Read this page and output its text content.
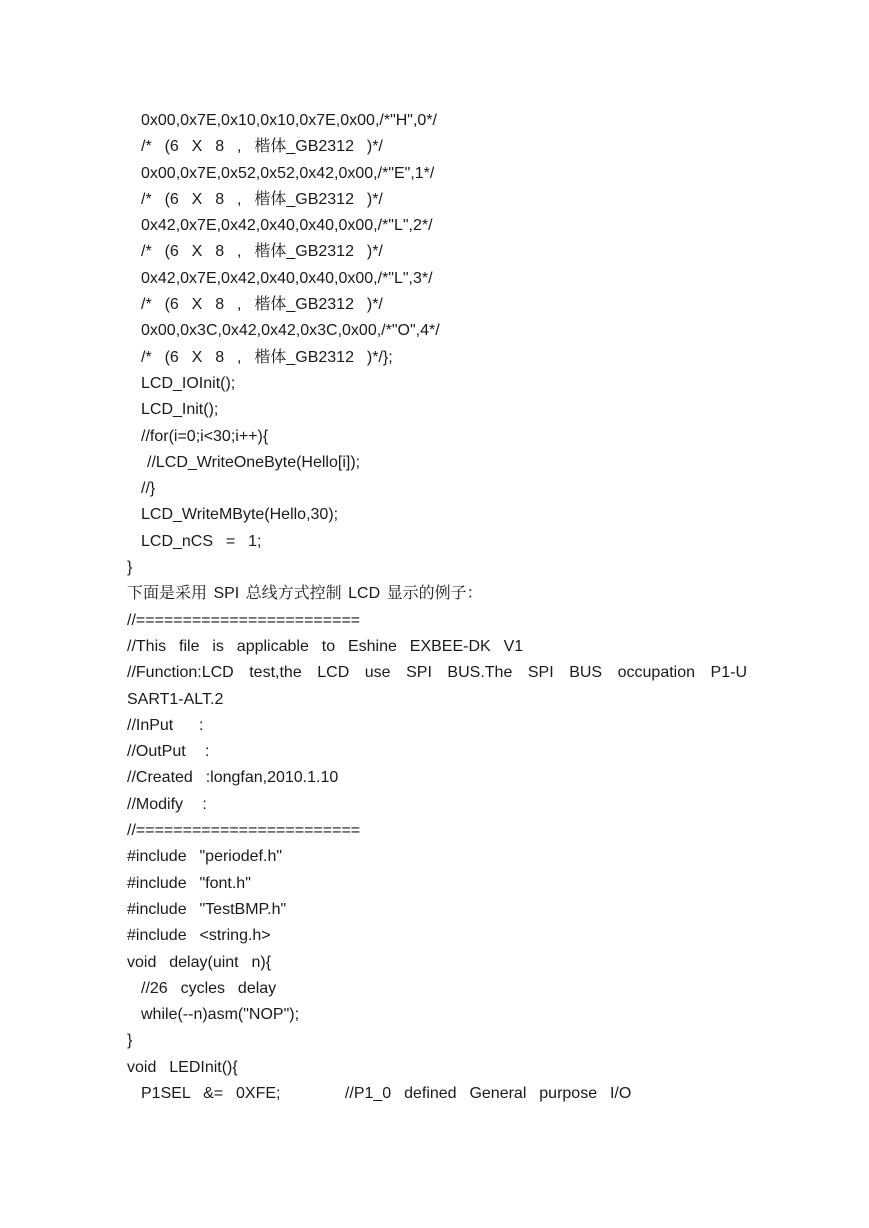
0x00,0x7E,0x10,0x10,0x7E,0x00,/*"H",0*/
/*  (6  X  8  ,  楷体_GB2312  )*/
0x00,0x7E,0x52,0x52,0x42,0x00,/*"E",1*/
/*  (6  X  8  ,  楷体_GB2312  )*/
0x42,0x7E,0x42,0x40,0x40,0x00,/*"L",2*/
/*  (6  X  8  ,  楷体_GB2312  )*/
0x42,0x7E,0x42,0x40,0x40,0x00,/*"L",3*/
/*  (6  X  8  ,  楷体_GB2312  )*/
0x00,0x3C,0x42,0x42,0x3C,0x00,/*"O",4*/
/*  (6  X  8  ,  楷体_GB2312  )*/};
LCD_IOInit();
LCD_Init();
//for(i=0;i<30;i++){
//LCD_WriteOneByte(Hello[i]);
//}
LCD_WriteMByte(Hello,30);
LCD_nCS  =  1;
}
下面是采用 SPI 总线方式控制 LCD 显示的例子：
//========================
//This  file  is  applicable  to  Eshine  EXBEE-DK  V1
//Function:LCD test,the LCD use SPI BUS.The SPI BUS occupation P1-U
SART1-ALT.2
//InPut    :
//OutPut   :
//Created  :longfan,2010.1.10
//Modify   :
//========================
#include  "periodef.h"
#include  "font.h"
#include  "TestBMP.h"
#include  <string.h>
void  delay(uint  n){
//26  cycles  delay
while(--n)asm("NOP");
}
void  LEDInit(){
P1SEL  &=  0XFE;          //P1_0  defined  General  purpose  I/O
